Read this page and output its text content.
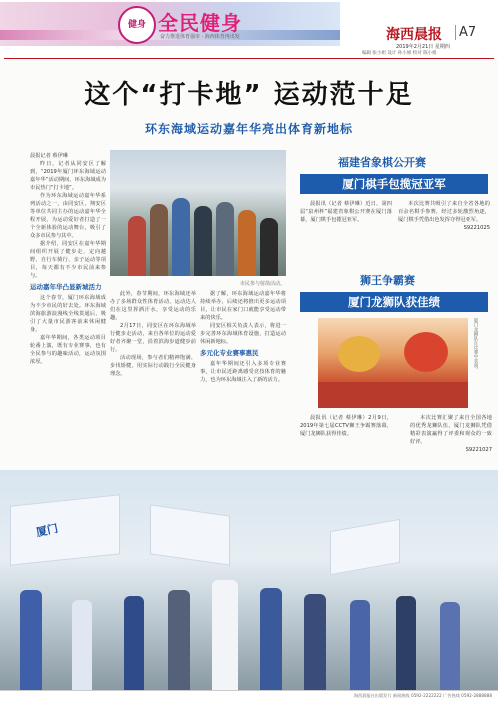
健身 全民健身
奋力推进体育强市 · 海西体育再出发	海西晨报	A7
2019年2月21日 星期四
编辑 张小姐 设计 孙小姐 校对 陈小姐
这个“打卡地” 运动范十足
环东海域运动嘉年华亮出体育新地标
晨报记者 蔡伊琳

昨日，记者从同安区了解到，“2019年厦门环东海域运动嘉年华”活动期间，环东海域成为市民热门“打卡地”。

作为环东海域运动嘉年华系列活动之一，由同安区、翔安区等单位共同主办的运动嘉年华全程开展，为运动爱好者打造了一个全新体验的运动舞台，吸引了众多市民参与其中。

据介绍，同安区在嘉年华期间组织开展了健步走、定向越野、自行车骑行、亲子运动等项目，每天都有不少市民前来参与。

运动嘉年华凸显新城活力

这个春节，厦门环东海域成为不少市民的好去处。环东海域滨海旅游浪漫线全线贯通后，吸引了大量市民游客前来休闲健身。

嘉年华期间，各类运动项目轮番上演，既有专业赛事，也有全民参与的趣味活动，运动氛围浓厚。

市民参与射箭活动。

此外，春节期间，环东海域还举办了多场群众性体育活动，运动达人们在这里挥洒汗水，享受运动的乐趣。

2月17日，同安区在环东海域举行健步走活动，来自各单位的运动爱好者齐聚一堂，沿着滨海步道健步前行。

活动现场，参与者们精神饱满、步伐矫健，用实际行动践行全民健身理念。

据了解，环东海域运动嘉年华将持续举办，后续还将推出更多运动项目，让市民在家门口就能享受运动带来的快乐。

同安区相关负责人表示，将进一步完善环东海域体育设施，打造运动休闲新地标。

多元化专业赛事惠民

嘉年华期间还引入多项专业赛事，让市民近距离感受竞技体育的魅力，也为环东海域注入了新的活力。

福建省象棋公开赛
厦门棋手包揽冠亚军

晨报讯（记者 蔡伊琳）近日，第四届“泉州杯”福建省象棋公开赛在厦门落幕，厦门棋手包揽冠亚军。

本次比赛共吸引了来自全省各地的百余名棋手参赛，经过多轮激烈角逐，厦门棋手凭借出色发挥夺得冠亚军。

S9221025
狮王争霸赛
厦门龙狮队获佳绩
厦门龙狮队在比赛中表演。

晨报讯（记者 蔡伊琳）2月9日，2019年第七届CCTV狮王争霸赛落幕，厦门龙狮队获得佳绩。

本次比赛汇聚了来自全国各地的优秀龙狮队伍，厦门龙狮队凭借精彩表演赢得了评委和观众的一致好评。

S9221027
厦门
海西晨报社出版发行 新闻热线 0592-2222222 广告热线 0592-2888888
